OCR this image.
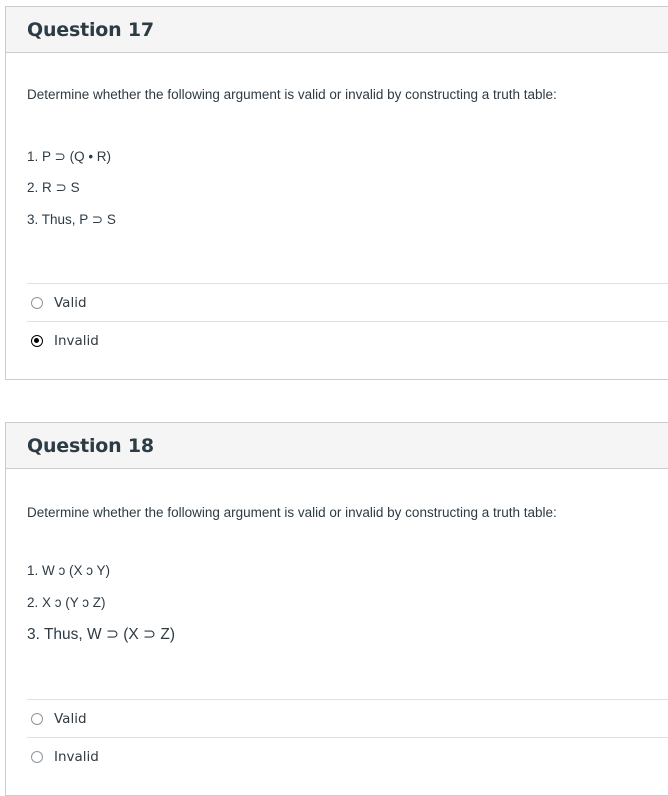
Question 17
Determine whether the following argument is valid or invalid by constructing a truth table:
1. P ⊃ (Q • R)
2. R ⊃ S
3. Thus, P ⊃ S
Valid
Invalid
Question 18
Determine whether the following argument is valid or invalid by constructing a truth table:
1. W ɔ (X ɔ Y)
2. X ɔ (Y ɔ Z)
3. Thus, W ⊃ (X ⊃ Z)
Valid
Invalid
